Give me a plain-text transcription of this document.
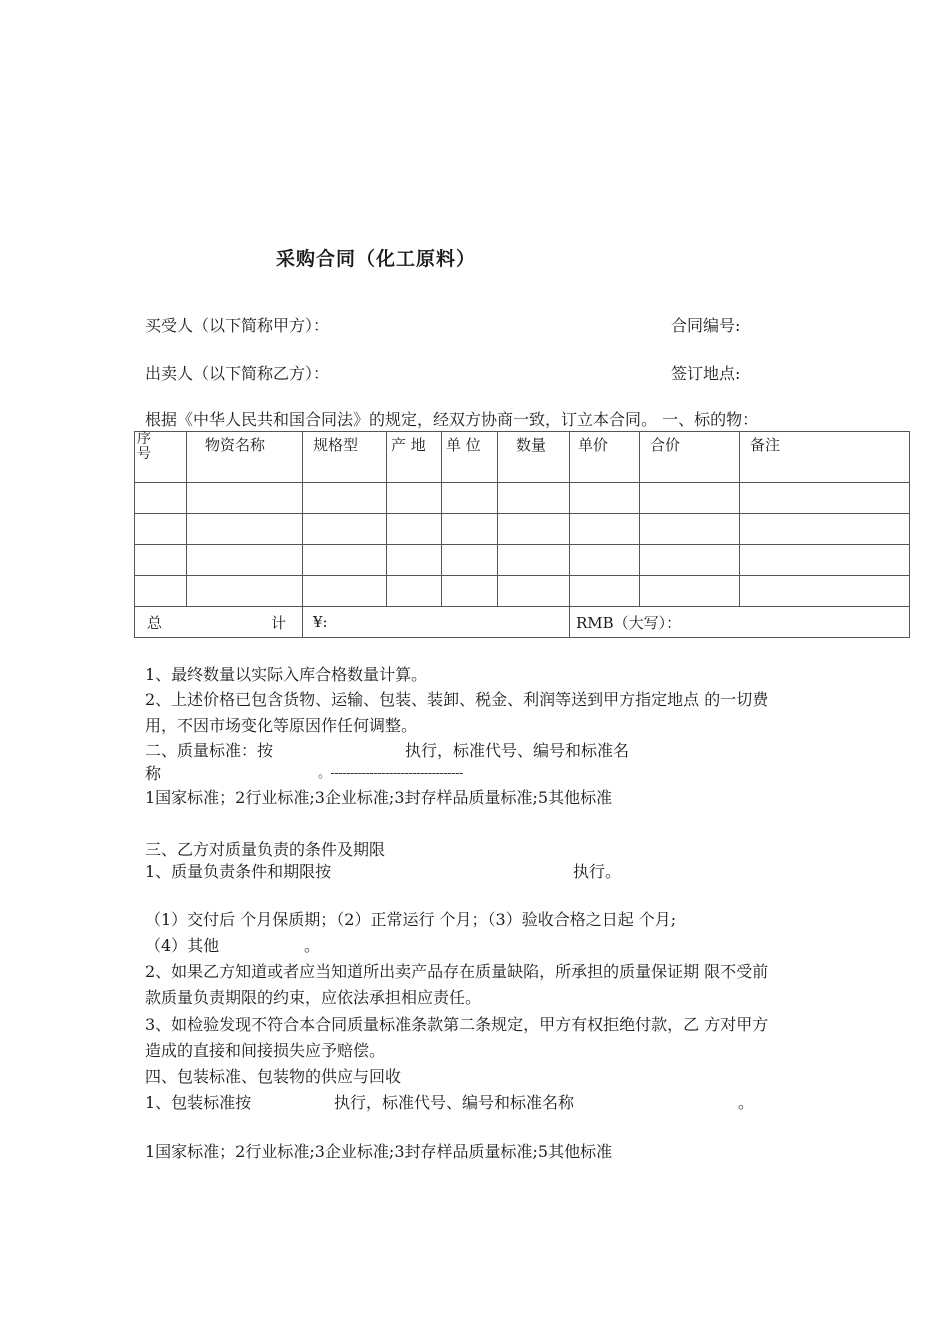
采购合同（化工原料）
买受人（以下简称甲方）：	合同编号:
出卖人（以下简称乙方）：	签订地点:
根据《中华人民共和国合同法》的规定，经双方协商一致，订立本合同。 一、标的物：
序号	物资名称	规格型	产 地	单 位	数量	单价	合价	备注

总 计		¥:				RMB（大写）：		
1、最终数量以实际入库合格数量计算。
2、上述价格已包含货物、运输、包装、装卸、税金、利润等送到甲方指定地点 的一切费
用，不因市场变化等原因作任何调整。
二、质量标准：按	执行，标准代号、编号和标准名
称	。----------------------------------
1国家标准；2行业标准;3企业标准;3封存样品质量标准;5其他标准
三、乙方对质量负责的条件及期限
1、质量负责条件和期限按	执行。
（1）交付后 个月保质期；（2）正常运行 个月；（3）验收合格之日起 个月;
（4）其他	。
2、如果乙方知道或者应当知道所出卖产品存在质量缺陷，所承担的质量保证期 限不受前
款质量负责期限的约束，应依法承担相应责任。
3、如检验发现不符合本合同质量标准条款第二条规定，甲方有权拒绝付款，乙 方对甲方
造成的直接和间接损失应予赔偿。
四、包装标准、包装物的供应与回收
1、包装标准按	执行，标准代号、编号和标准名称	。
1国家标准；2行业标准;3企业标准;3封存样品质量标准;5其他标准
